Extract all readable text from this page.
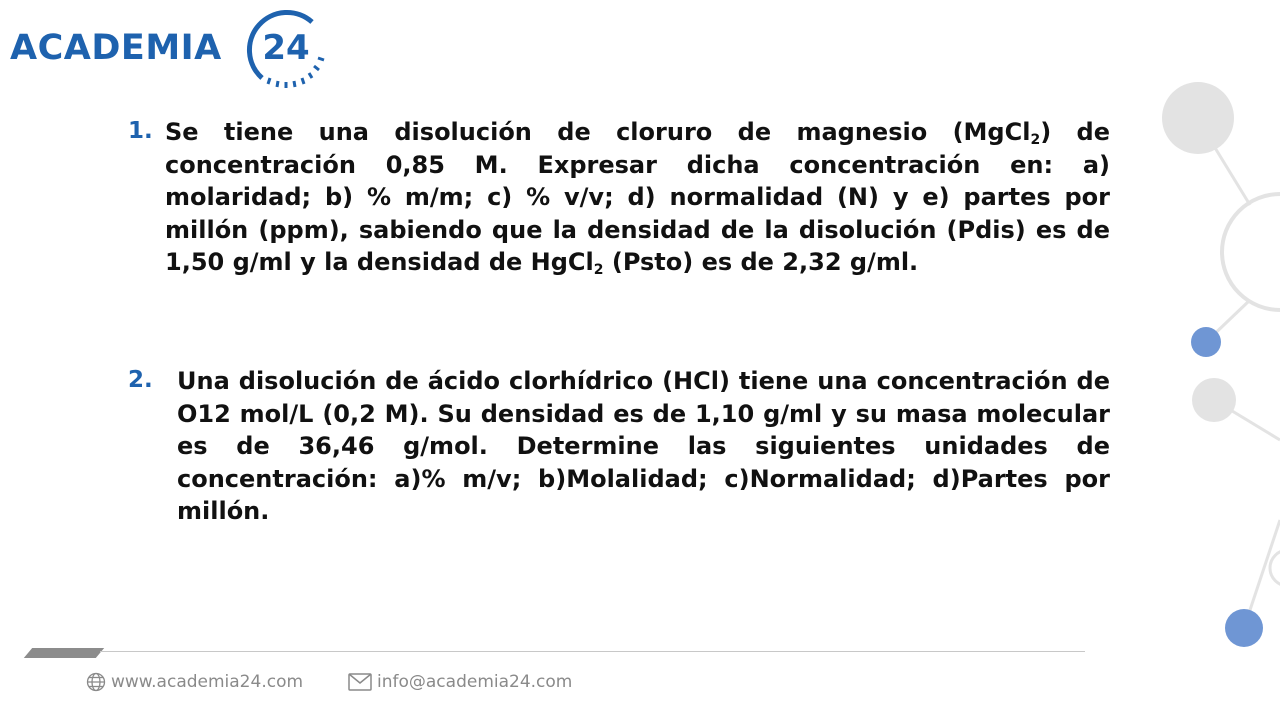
ACADEMIA 24
1. Se tiene una disolución de cloruro de magnesio (MgCl$_2$) de concentración 0,85 M. Expresar dicha concentración en: a) molaridad; b) % m/m; c) % v/v; d) normalidad (N) y e) partes por millón (ppm), sabiendo que la densidad de la disolución (Pdis) es de 1,50 g/ml y la densidad de HgCl$_2$ (Psto) es de 2,32 g/ml.
2. Una disolución de ácido clorhídrico (HCl) tiene una concentración de O12 mol/L (0,2 M). Su densidad es de 1,10 g/ml y su masa molecular es de 36,46 g/mol. Determine las siguientes unidades de concentración: a)% m/v; b)Molalidad; c)Normalidad; d)Partes por millón.
www.academia24.com	info@academia24.com
